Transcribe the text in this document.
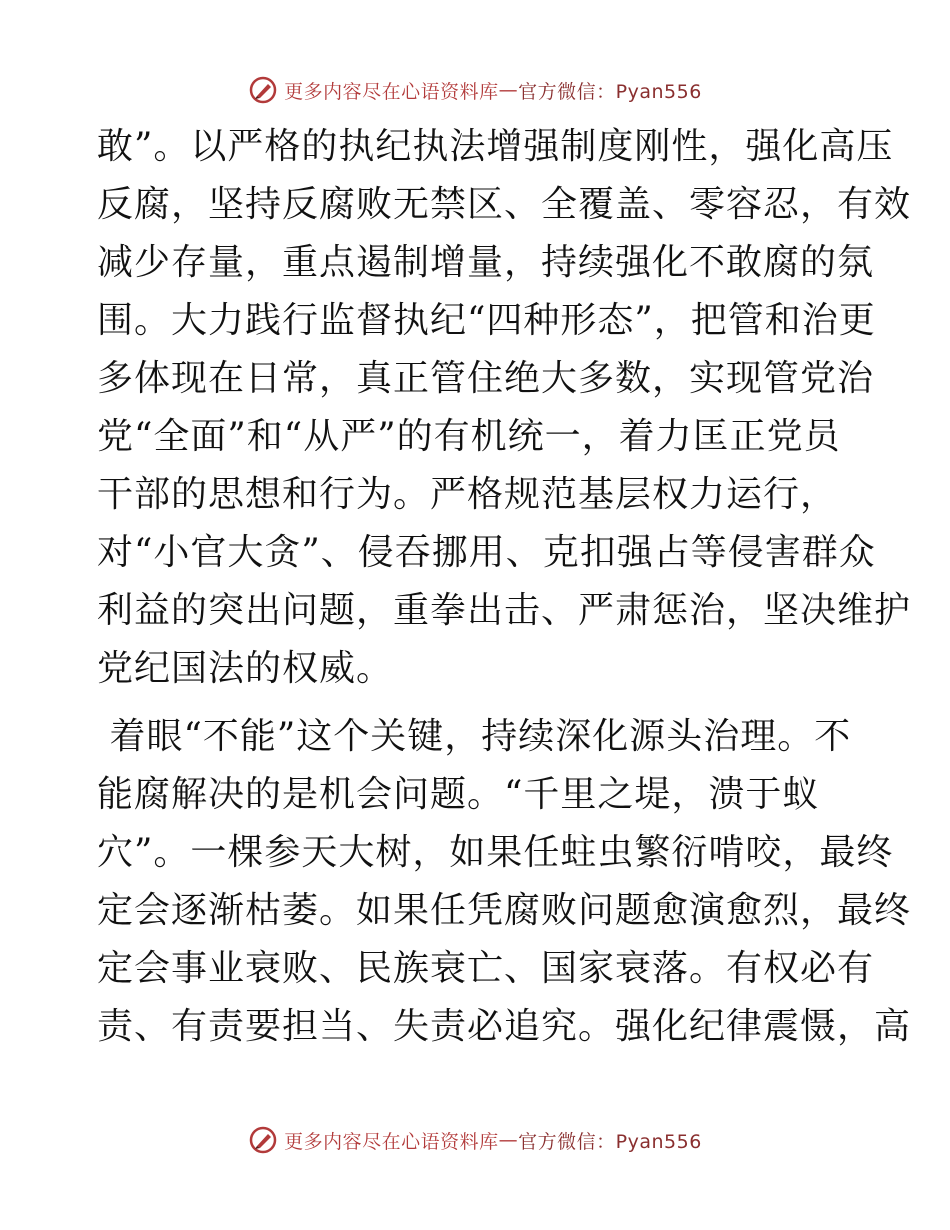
更多内容尽在心语资料库 — 官方微信：Pyan556
敢”。以严格的执纪执法增强制度刚性，强化高压
反腐，坚持反腐败无禁区、全覆盖、零容忍，有效
减少存量，重点遏制增量，持续强化不敢腐的氛
围。大力践行监督执纪“四种形态”，把管和治更
多体现在日常，真正管住绝大多数，实现管党治
党“全面”和“从严”的有机统一，着力匡正党员
干部的思想和行为。严格规范基层权力运行，
对“小官大贪”、侵吞挪用、克扣强占等侵害群众
利益的突出问题，重拳出击、严肃惩治，坚决维护
党纪国法的权威。
着眼“不能”这个关键，持续深化源头治理。不
能腐解决的是机会问题。“千里之堤，溃于蚁
穴”。一棵参天大树，如果任蛀虫繁衍啃咬，最终
定会逐渐枯萎。如果任凭腐败问题愈演愈烈，最终
定会事业衰败、民族衰亡、国家衰落。有权必有
责、有责要担当、失责必追究。强化纪律震慑，高
更多内容尽在心语资料库 — 官方微信：Pyan556
